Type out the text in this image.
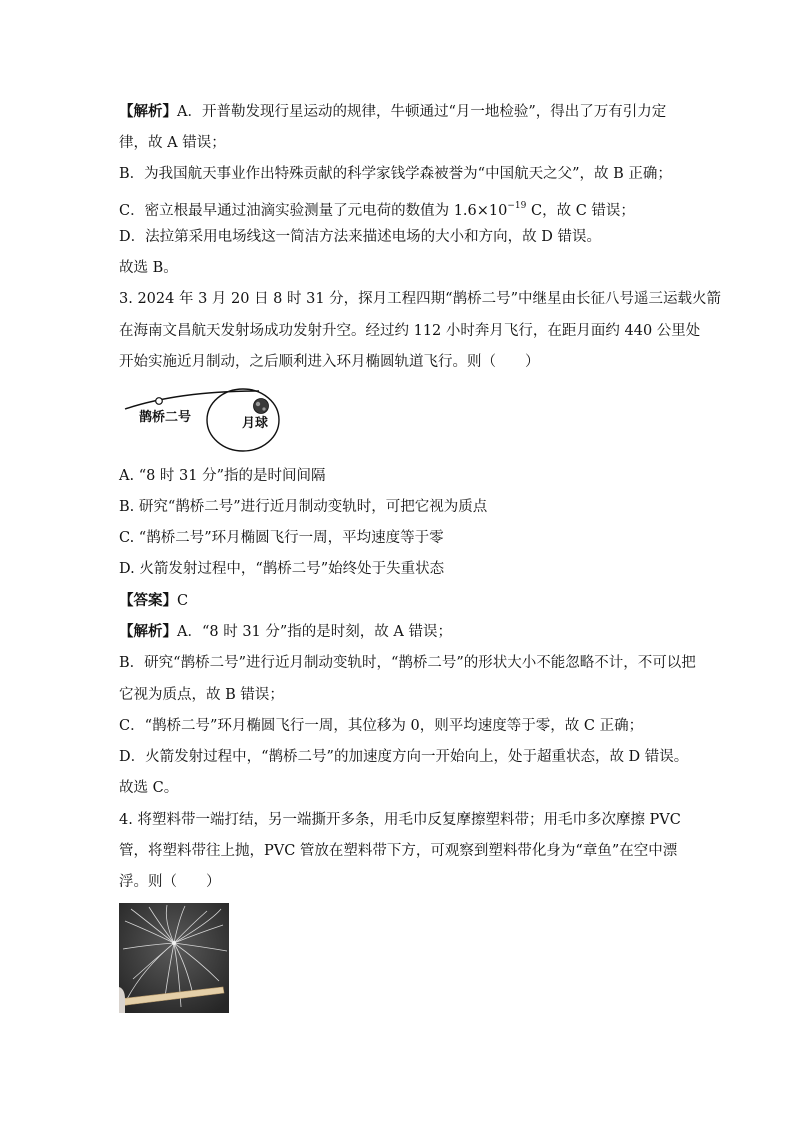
【解析】A．开普勒发现行星运动的规律，牛顿通过“月一地检验”，得出了万有引力定
律，故 A 错误；
B．为我国航天事业作出特殊贡献的科学家钱学森被誉为“中国航天之父”，故 B 正确；
C．密立根最早通过油滴实验测量了元电荷的数值为 $1.6\times 10^{-19}$ C，故 C 错误；
D．法拉第采用电场线这一简洁方法来描述电场的大小和方向，故 D 错误。
故选 B。
3. 2024 年 3 月 20 日 8 时 31 分，探月工程四期“鹊桥二号”中继星由长征八号遥三运载火箭
在海南文昌航天发射场成功发射升空。经过约 112 小时奔月飞行，在距月面约 440 公里处
开始实施近月制动，之后顺利进入环月椭圆轨道飞行。则（　　）
鹊桥二号	月球
A. “8 时 31 分”指的是时间间隔
B. 研究“鹊桥二号”进行近月制动变轨时，可把它视为质点
C. “鹊桥二号”环月椭圆飞行一周，平均速度等于零
D. 火箭发射过程中，“鹊桥二号”始终处于失重状态
【答案】C
【解析】A．“8 时 31 分”指的是时刻，故 A 错误；
B．研究“鹊桥二号”进行近月制动变轨时，“鹊桥二号”的形状大小不能忽略不计，不可以把
它视为质点，故 B 错误；
C．“鹊桥二号”环月椭圆飞行一周，其位移为 0，则平均速度等于零，故 C 正确；
D．火箭发射过程中，“鹊桥二号”的加速度方向一开始向上，处于超重状态，故 D 错误。
故选 C。
4. 将塑料带一端打结，另一端撕开多条，用毛巾反复摩擦塑料带；用毛巾多次摩擦 PVC
管，将塑料带往上抛，PVC 管放在塑料带下方，可观察到塑料带化身为“章鱼”在空中漂
浮。则（　　）
